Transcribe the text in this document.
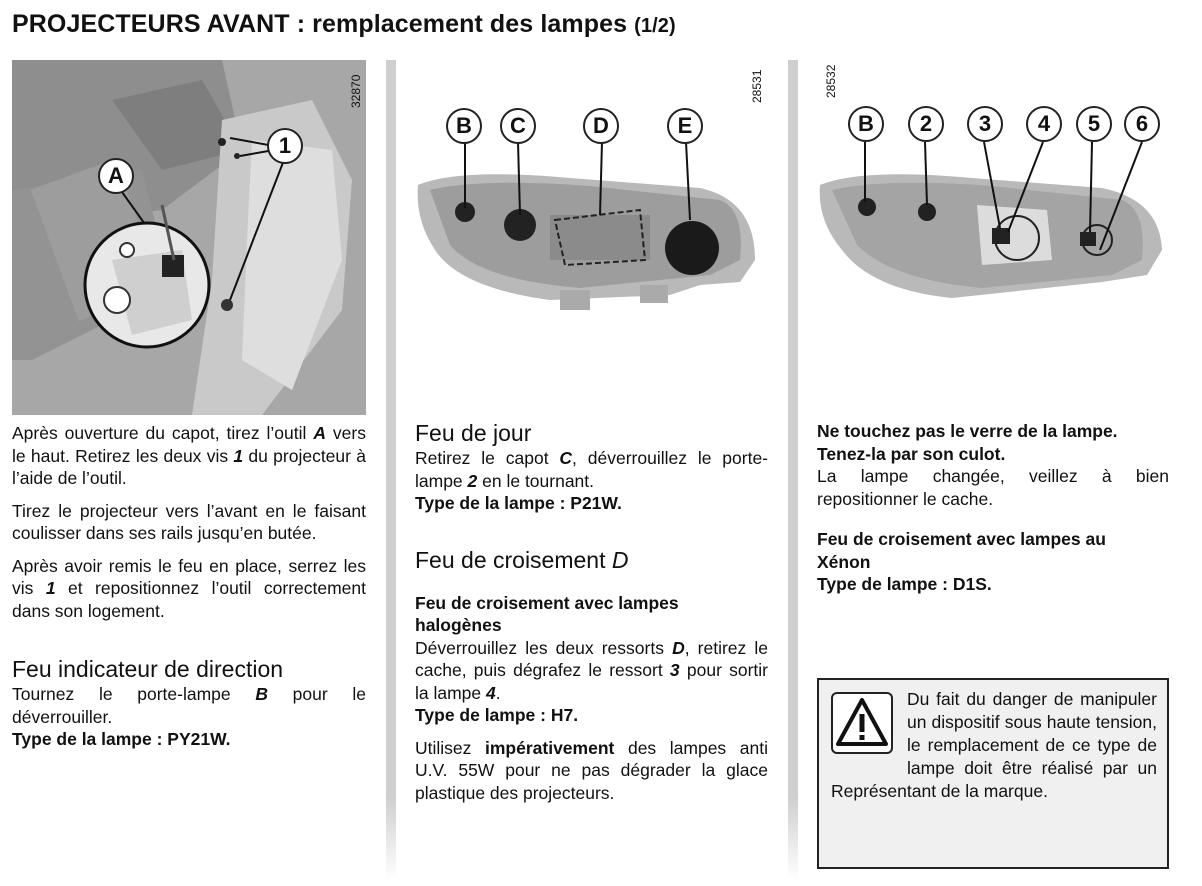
PROJECTEURS AVANT : remplacement des lampes (1/2)
1
A
32870
B	C	D	E
28531
B	2	3	4	5	6
28532

Après ouverture du capot, tirez l’outil A vers le haut. Retirez les deux vis 1 du projecteur à l’aide de l’outil.

Tirez le projecteur vers l’avant en le faisant coulisser dans ses rails jusqu’en butée.

Après avoir remis le feu en place, serrez les vis 1 et repositionnez l’outil correctement dans son logement.

Feu indicateur de direction

Tournez le porte-lampe B pour le déverrouiller.

Type de la lampe : PY21W.

Feu de jour

Retirez le capot C, déverrouillez le porte-lampe 2 en le tournant.

Type de la lampe : P21W.

Feu de croisement D

Feu de croisement avec lampes halogènes

Déverrouillez les deux ressorts D, retirez le cache, puis dégrafez le ressort 3 pour sortir la lampe 4.

Type de lampe : H7.

Utilisez impérativement des lampes anti U.V. 55W pour ne pas dégrader la glace plastique des projecteurs.

Ne touchez pas le verre de la lampe.

Tenez-la par son culot.

La lampe changée, veillez à bien repositionner le cache.

Feu de croisement avec lampes au Xénon

Type de lampe : D1S.

Du fait du danger de manipuler un dispositif sous haute tension, le remplacement de ce type de lampe doit être réalisé par un Représentant de la marque.
